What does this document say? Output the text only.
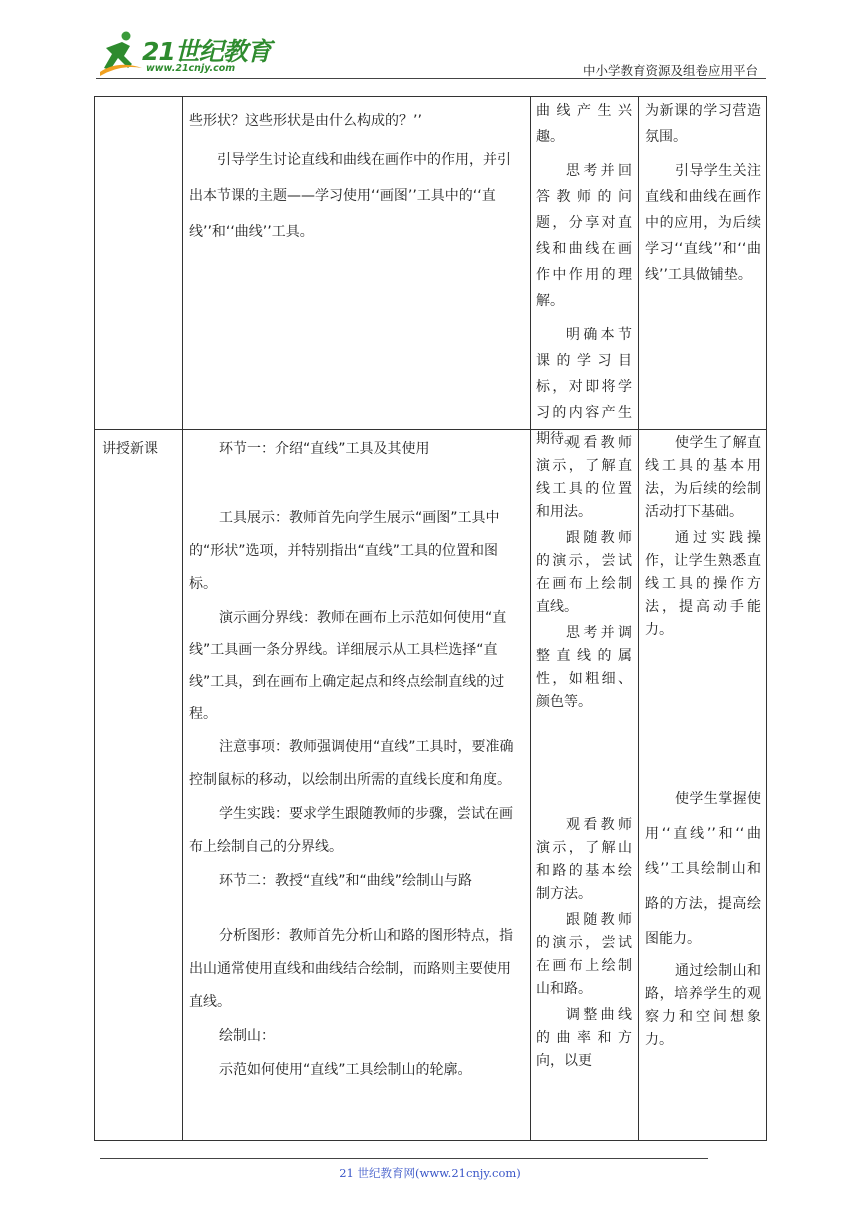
21世纪教育
www.21cnjy.com	中小学教育资源及组卷应用平台
些形状？这些形状是由什么构成的？’’
引导学生讨论直线和曲线在画作中的作用，并引出本节课的主题——学习使用‘‘画图’’工具中的‘‘直线’’和‘‘曲线’’工具。
曲线产生兴趣。
思考并回答教师的问题，分享对直线和曲线在画作中作用的理解。
明确本节课的学习目标，对即将学习的内容产生期待。
为新课的学习营造氛围。
引导学生关注直线和曲线在画作中的应用，为后续学习‘‘直线’’和‘‘曲线’’工具做铺垫。
讲授新课	环节一：介绍“直线”工具及其使用
工具展示：教师首先向学生展示“画图”工具中的“形状”选项，并特别指出“直线”工具的位置和图标。
演示画分界线：教师在画布上示范如何使用“直线”工具画一条分界线。详细展示从工具栏选择“直线”工具，到在画布上确定起点和终点绘制直线的过程。
注意事项：教师强调使用“直线”工具时，要准确控制鼠标的移动，以绘制出所需的直线长度和角度。
学生实践：要求学生跟随教师的步骤，尝试在画布上绘制自己的分界线。
环节二：教授“直线”和“曲线”绘制山与路
分析图形：教师首先分析山和路的图形特点，指出山通常使用直线和曲线结合绘制，而路则主要使用直线。
绘制山：
示范如何使用“直线”工具绘制山的轮廓。
观看教师演示，了解直线工具的位置和用法。
跟随教师的演示，尝试在画布上绘制直线。
思考并调整直线的属性，如粗细、颜色等。
观看教师演示，了解山和路的基本绘制方法。
跟随教师的演示，尝试在画布上绘制山和路。
调整曲线的曲率和方向，以更
使学生了解直线工具的基本用法，为后续的绘制活动打下基础。
通过实践操作，让学生熟悉直线工具的操作方法，提高动手能力。
使学生掌握使用‘‘直线’’和‘‘曲线’’工具绘制山和路的方法，提高绘图能力。
通过绘制山和路，培养学生的观察力和空间想象力。
21 世纪教育网(www.21cnjy.com)
